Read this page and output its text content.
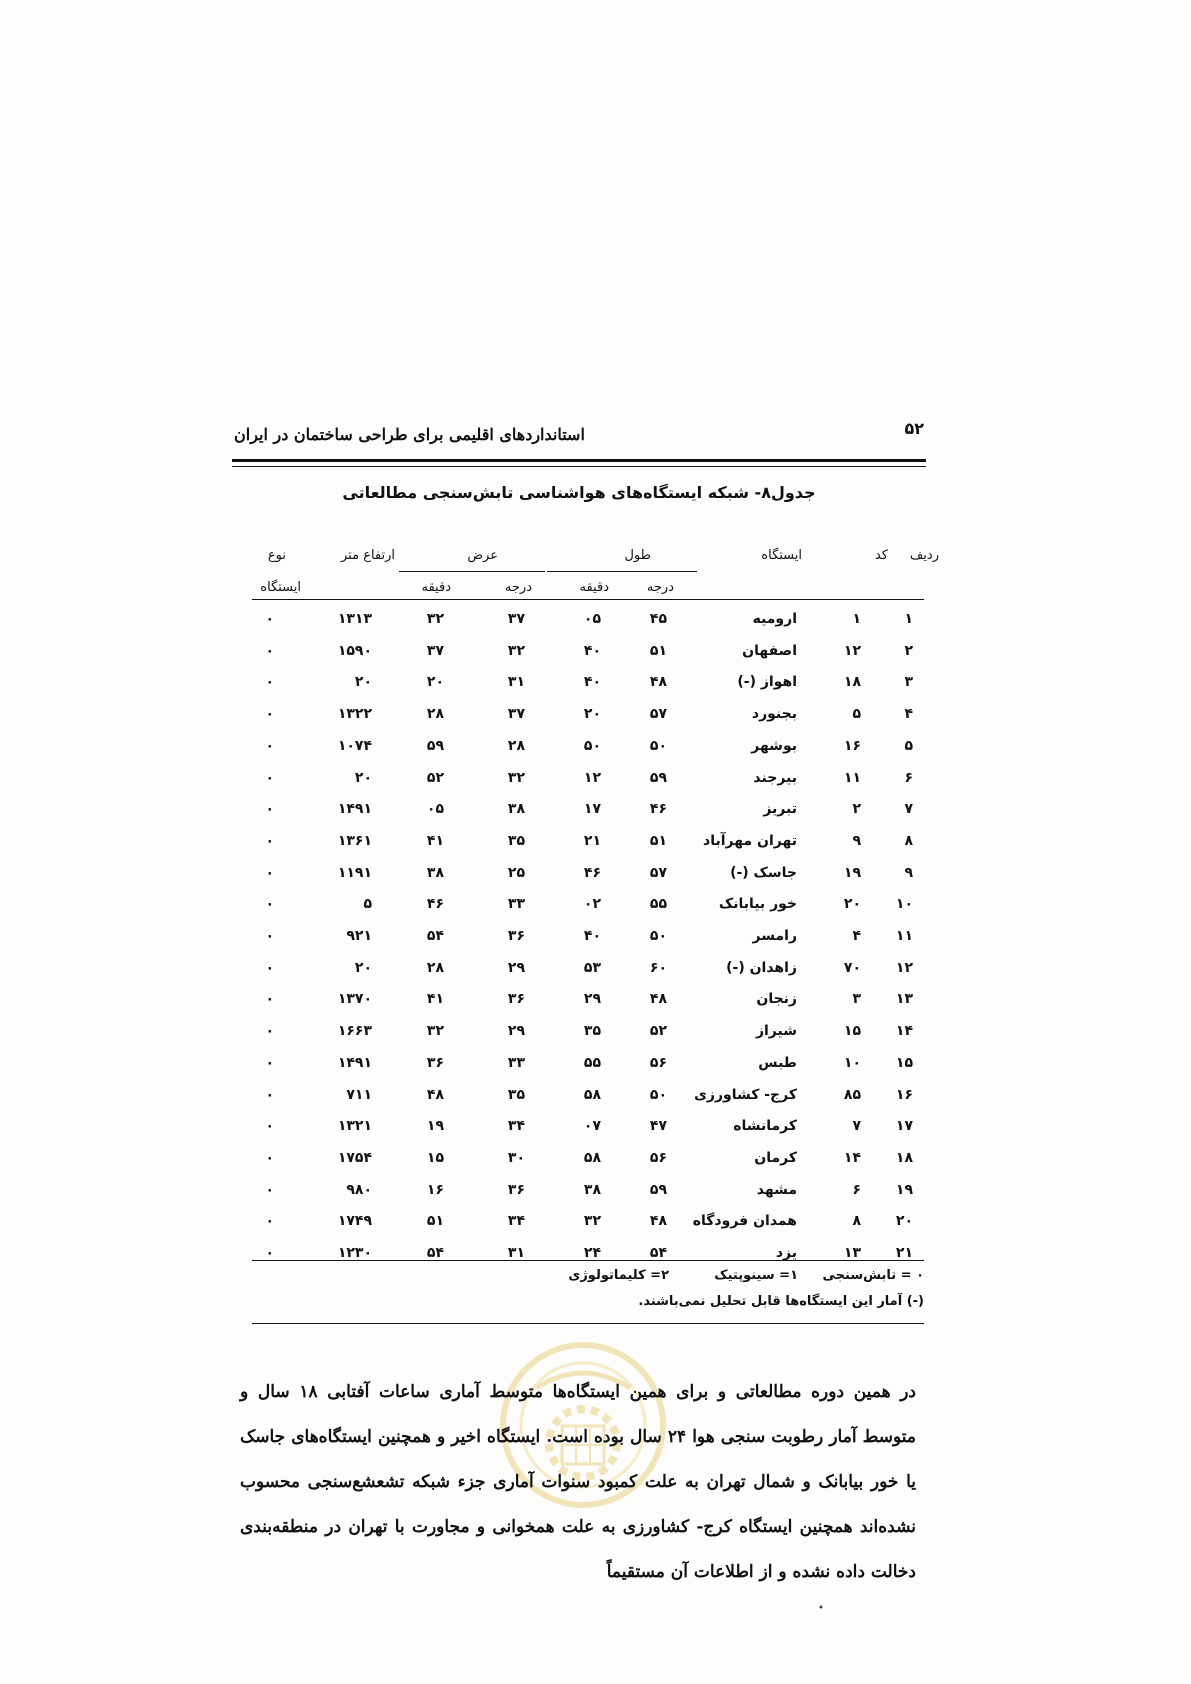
۵۲
استانداردهای اقلیمی برای طراحی ساختمان در ایران
جدول۸- شبکه ایستگاه‌های هواشناسی تابش‌سنجی مطالعاتی
ردیف
کد
ایستگاه
طول
عرض
ارتفاع متر
نوع
ایستگاه	درجه
دقیقه
درجه
دقیقه
۱
۱
ارومیه
۴۵
۰۵
۳۷
۳۲
۱۳۱۳
۰
۲
۱۲
اصفهان
۵۱
۴۰
۳۲
۳۷
۱۵۹۰
۰
۳
۱۸
اهواز (-)
۴۸
۴۰
۳۱
۲۰
۲۰
۰
۴
۵
بجنورد
۵۷
۲۰
۳۷
۲۸
۱۳۲۲
۰
۵
۱۶
بوشهر
۵۰
۵۰
۲۸
۵۹
۱۰۷۴
۰
۶
۱۱
بیرجند
۵۹
۱۲
۳۲
۵۲
۲۰
۰
۷
۲
تبریز
۴۶
۱۷
۳۸
۰۵
۱۴۹۱
۰
۸
۹
تهران مهرآباد
۵۱
۲۱
۳۵
۴۱
۱۳۶۱
۰
۹
۱۹
جاسک (-)
۵۷
۴۶
۲۵
۳۸
۱۱۹۱
۰
۱۰
۲۰
خور بیابانک
۵۵
۰۲
۳۳
۴۶
۵
۰
۱۱
۴
رامسر
۵۰
۴۰
۳۶
۵۴
۹۲۱
۰
۱۲
۷۰
زاهدان (-)
۶۰
۵۳
۲۹
۲۸
۲۰
۰
۱۳
۳
زنجان
۴۸
۲۹
۳۶
۴۱
۱۳۷۰
۰
۱۴
۱۵
شیراز
۵۲
۳۵
۲۹
۳۲
۱۶۶۳
۰
۱۵
۱۰
طبس
۵۶
۵۵
۳۳
۳۶
۱۴۹۱
۰
۱۶
۸۵
کرج- کشاورزی
۵۰
۵۸
۳۵
۴۸
۷۱۱
۰
۱۷
۷
کرمانشاه
۴۷
۰۷
۳۴
۱۹
۱۳۲۱
۰
۱۸
۱۴
کرمان
۵۶
۵۸
۳۰
۱۵
۱۷۵۴
۰
۱۹
۶
مشهد
۵۹
۳۸
۳۶
۱۶
۹۸۰
۰
۲۰
۸
همدان فرودگاه
۴۸
۳۲
۳۴
۵۱
۱۷۴۹
۰
۲۱
۱۳
یزد
۵۴
۲۴
۳۱
۵۴
۱۲۳۰
۰
۰ = تابش‌سنجی
۱= سینوپتیک
۲= کلیماتولوژی
(-) آمار این ایستگاه‌ها قابل تحلیل نمی‌باشند.
در همین دوره مطالعاتی و برای همین ایستگاه‌ها متوسط آماری ساعات آفتابی ۱۸ سال و متوسط آمار رطوبت سنجی هوا ۲۴ سال بوده است. ایستگاه اخیر و همچنین ایستگاه‌های جاسک یا خور بیابانک و شمال تهران به علت کمبود سنوات آماری جزء شبکه تشعشع‌سنجی محسوب نشده‌اند همچنین ایستگاه کرج- کشاورزی به علت همخوانی و مجاورت با تهران در منطقه‌بندی دخالت داده نشده و از اطلاعات آن مستقیماً
